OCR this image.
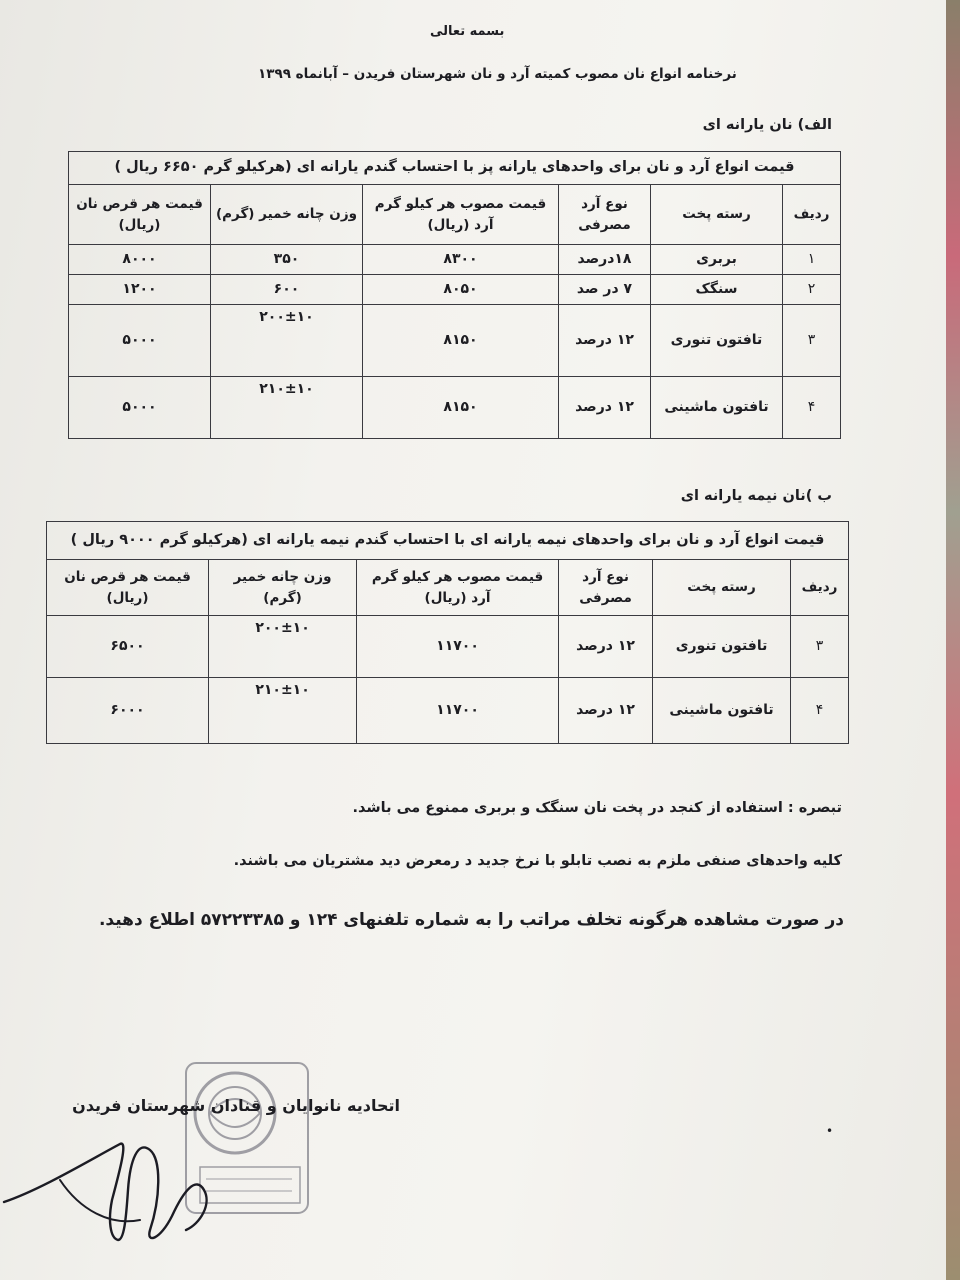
بسمه تعالی
نرخنامه انواع نان مصوب کمیته آرد و نان شهرستان فریدن – آبانماه ۱۳۹۹
الف) نان یارانه ای
قیمت انواع آرد و نان برای واحدهای یارانه پز با احتساب گندم یارانه ای (هرکیلو گرم ۶۶۵۰ ریال )					
ردیف	رسته پخت	نوع آرد مصرفی	قیمت مصوب هر کیلو گرم آرد (ریال)	وزن چانه خمیر (گرم)	قیمت هر قرص نان (ریال)
۱	بربری	۱۸درصد	۸۳۰۰	۳۵۰	۸۰۰۰
۲	سنگک	۷ در صد	۸۰۵۰	۶۰۰	۱۲۰۰
۳	تافتون تنوری	۱۲ درصد	۸۱۵۰	۲۰۰±۱۰	۵۰۰۰
۴	تافتون ماشینی	۱۲ درصد	۸۱۵۰	۲۱۰±۱۰	۵۰۰۰
ب )نان نیمه یارانه ای
قیمت انواع آرد و نان برای واحدهای نیمه یارانه ای با احتساب گندم نیمه یارانه ای (هرکیلو گرم ۹۰۰۰ ریال )					
ردیف	رسته پخت	نوع آرد مصرفی	قیمت مصوب هر کیلو گرم آرد (ریال)	وزن چانه خمیر (گرم)	قیمت هر قرص نان (ریال)
۳	تافتون تنوری	۱۲ درصد	۱۱۷۰۰	۲۰۰±۱۰	۶۵۰۰
۴	تافتون ماشینی	۱۲ درصد	۱۱۷۰۰	۲۱۰±۱۰	۶۰۰۰
تبصره : استفاده از کنجد در پخت نان سنگک و بربری ممنوع می باشد.
کلیه واحدهای صنفی ملزم به نصب تابلو با نرخ جدید د رمعرض دید مشتریان می باشند.
در صورت مشاهده هرگونه تخلف مراتب را به شماره تلفنهای ۱۲۴ و ۵۷۲۲۳۳۸۵ اطلاع دهید.
اتحادیه نانوایان و قنادان شهرستان فریدن
•
